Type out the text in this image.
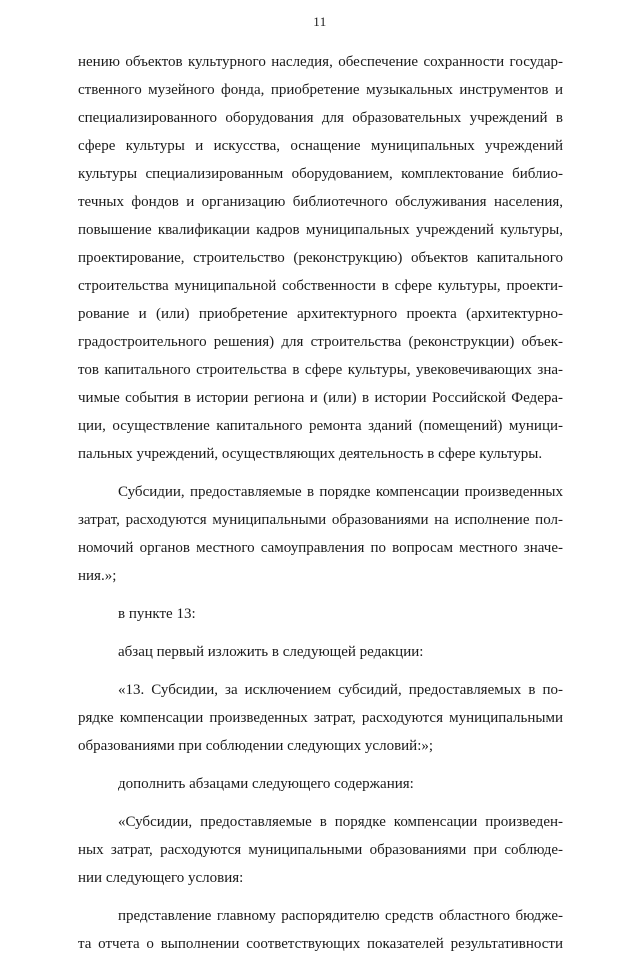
11
нению объектов культурного наследия, обеспечение сохранности государ-
ственного музейного фонда, приобретение музыкальных инструментов и
специализированного оборудования для образовательных учреждений в
сфере культуры и искусства, оснащение муниципальных учреждений
культуры специализированным оборудованием, комплектование библио-
течных фондов и организацию библиотечного обслуживания населения,
повышение квалификации кадров муниципальных учреждений культуры,
проектирование, строительство (реконструкцию) объектов капитального
строительства муниципальной собственности в сфере культуры, проекти-
рование и (или) приобретение архитектурного проекта (архитектурно-
градостроительного решения) для строительства (реконструкции) объек-
тов капитального строительства в сфере культуры, увековечивающих зна-
чимые события в истории региона и (или) в истории Российской Федера-
ции, осуществление капитального ремонта зданий (помещений) муници-
пальных учреждений, осуществляющих деятельность в сфере культуры.
Субсидии, предоставляемые в порядке компенсации произведенных
затрат, расходуются муниципальными образованиями на исполнение пол-
номочий органов местного самоуправления по вопросам местного значе-
ния.»;
в пункте 13:
абзац первый изложить в следующей редакции:
«13. Субсидии, за исключением субсидий, предоставляемых в по-
рядке компенсации произведенных затрат, расходуются муниципальными
образованиями при соблюдении следующих условий:»;
дополнить абзацами следующего содержания:
«Субсидии, предоставляемые в порядке компенсации произведен-
ных затрат, расходуются муниципальными образованиями при соблюде-
нии следующего условия:
представление главному распорядителю средств областного бюдже-
та отчета о выполнении соответствующих показателей результативности
